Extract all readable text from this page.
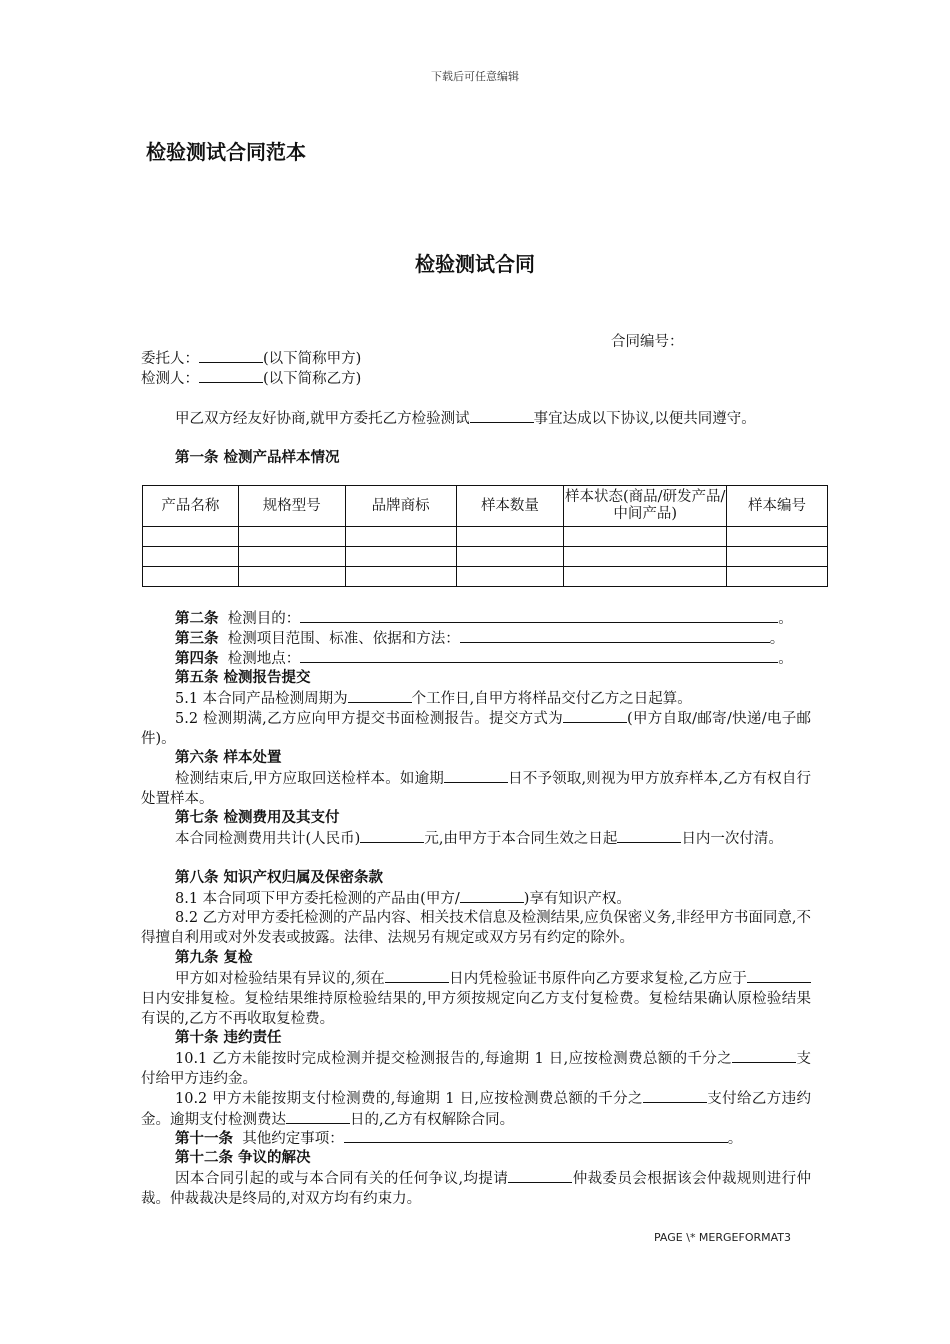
下载后可任意编辑
检验测试合同范本
检验测试合同
合同编号：
委托人：	(以下简称甲方)
检测人：	(以下简称乙方)
甲乙双方经友好协商,就甲方委托乙方检验测试	事宜达成以下协议,以便共同遵守。
第一条 检测产品样本情况
产品名称	规格型号	品牌商标	样本数量	样本状态(商品/研发产品/中间产品)	样本编号

第二条 检测目的：	。
第三条 检测项目范围、标准、依据和方法：	。
第四条 检测地点：	。
第五条 检测报告提交
5.1 本合同产品检测周期为	个工作日,自甲方将样品交付乙方之日起算。
5.2 检测期满,乙方应向甲方提交书面检测报告。提交方式为	(甲方自取/邮寄/快递/电子邮件)。
第六条 样本处置
检测结束后,甲方应取回送检样本。如逾期	日不予领取,则视为甲方放弃样本,乙方有权自行处置样本。
第七条 检测费用及其支付
本合同检测费用共计(人民币)	元,由甲方于本合同生效之日起	日内一次付清。
第八条 知识产权归属及保密条款
8.1 本合同项下甲方委托检测的产品由(甲方/	)享有知识产权。
8.2 乙方对甲方委托检测的产品内容、相关技术信息及检测结果,应负保密义务,非经甲方书面同意,不得擅自利用或对外发表或披露。法律、法规另有规定或双方另有约定的除外。
第九条 复检
甲方如对检验结果有异议的,须在	日内凭检验证书原件向乙方要求复检,乙方应于日内安排复检。复检结果维持原检验结果的,甲方须按规定向乙方支付复检费。复检结果确认原检验结果有误的,乙方不再收取复检费。
第十条 违约责任
10.1 乙方未能按时完成检测并提交检测报告的,每逾期 1 日,应按检测费总额的千分之	支付给甲方违约金。
10.2 甲方未能按期支付检测费的,每逾期 1 日,应按检测费总额的千分之	支付给乙方违约金。逾期支付检测费达	日的,乙方有权解除合同。
第十一条 其他约定事项：	。
第十二条 争议的解决
因本合同引起的或与本合同有关的任何争议,均提请	仲裁委员会根据该会仲裁规则进行仲裁。仲裁裁决是终局的,对双方均有约束力。
PAGE \* MERGEFORMAT3
